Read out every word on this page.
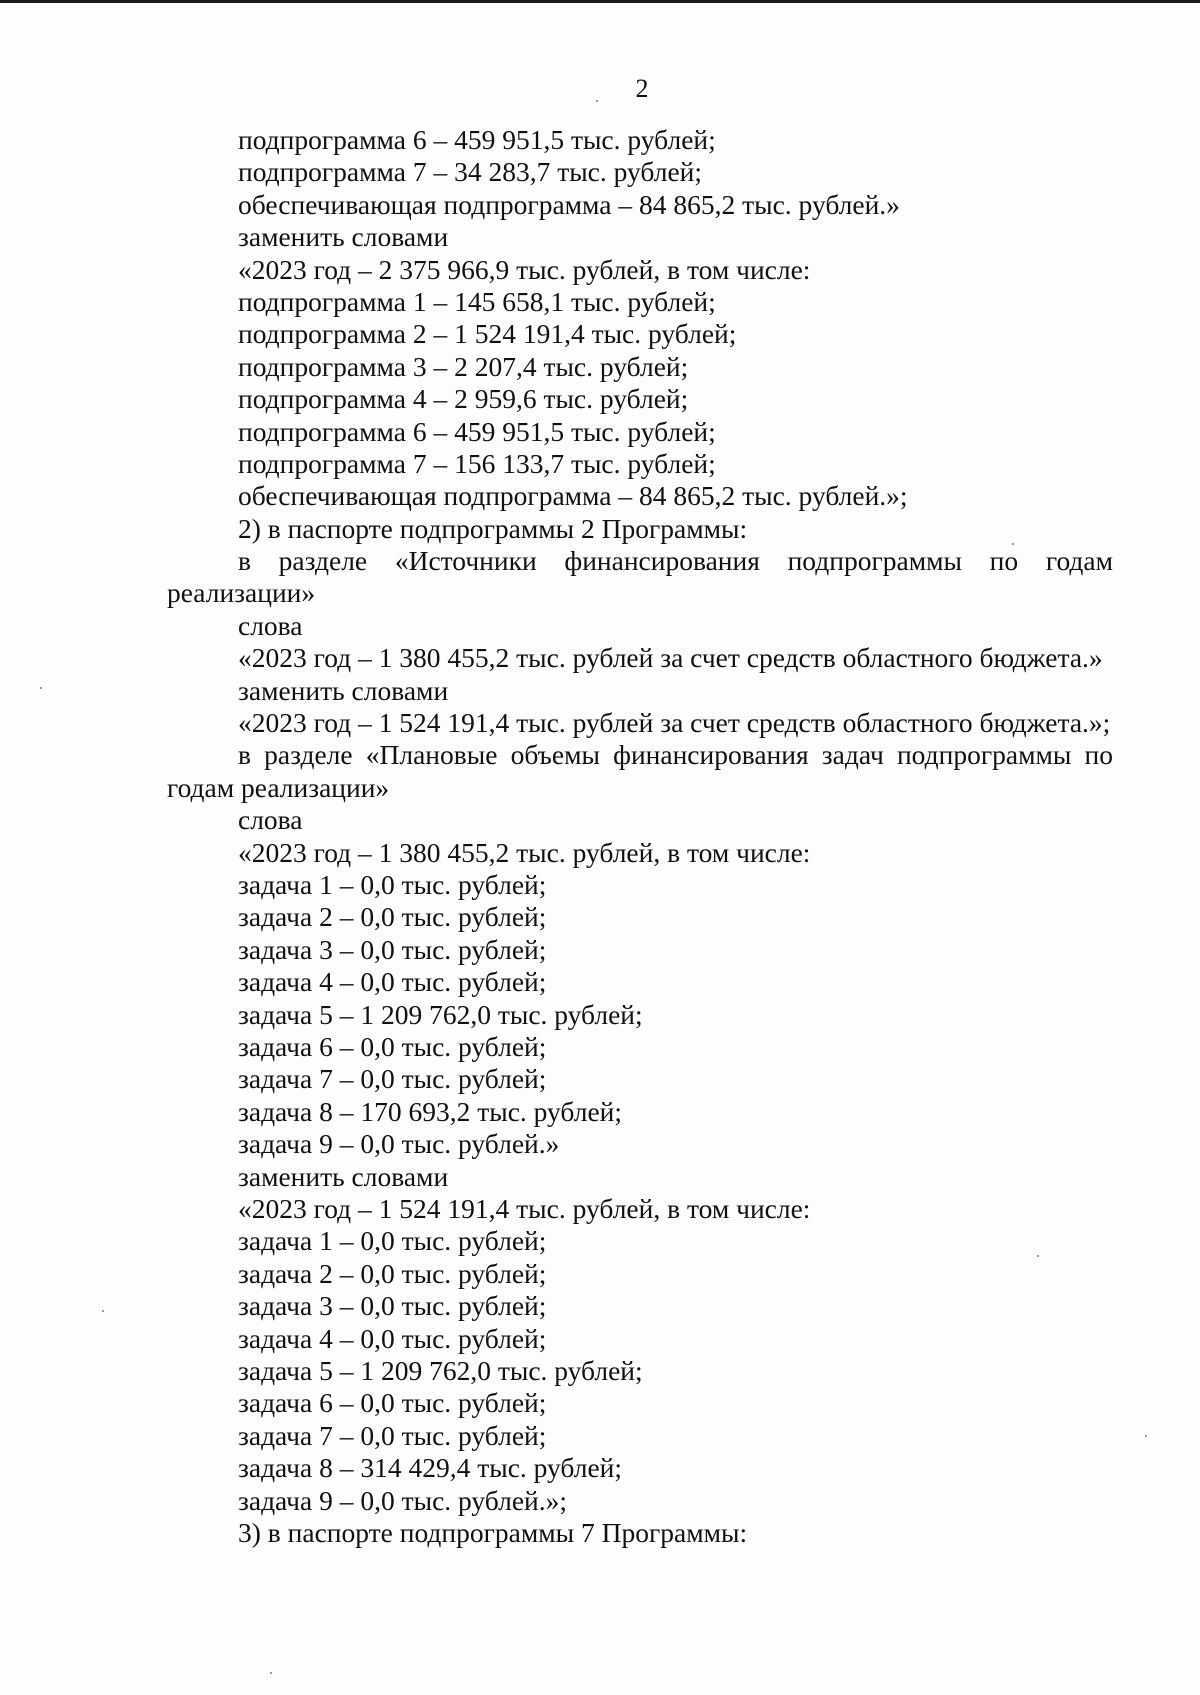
2
подпрограмма 6 – 459 951,5 тыс. рублей;
подпрограмма 7 – 34 283,7 тыс. рублей;
обеспечивающая подпрограмма – 84 865,2 тыс. рублей.»
заменить словами
«2023 год – 2 375 966,9 тыс. рублей, в том числе:
подпрограмма 1 – 145 658,1 тыс. рублей;
подпрограмма 2 – 1 524 191,4 тыс. рублей;
подпрограмма 3 – 2 207,4 тыс. рублей;
подпрограмма 4 – 2 959,6 тыс. рублей;
подпрограмма 6 – 459 951,5 тыс. рублей;
подпрограмма 7 – 156 133,7 тыс. рублей;
обеспечивающая подпрограмма – 84 865,2 тыс. рублей.»;
2) в паспорте подпрограммы 2 Программы:
в разделе «Источники финансирования подпрограммы по годам реализации»
слова
«2023 год – 1 380 455,2 тыс. рублей за счет средств областного бюджета.»
заменить словами
«2023 год – 1 524 191,4 тыс. рублей за счет средств областного бюджета.»;
в разделе «Плановые объемы финансирования задач подпрограммы по годам реализации»
слова
«2023 год – 1 380 455,2 тыс. рублей, в том числе:
задача 1 – 0,0 тыс. рублей;
задача 2 – 0,0 тыс. рублей;
задача 3 – 0,0 тыс. рублей;
задача 4 – 0,0 тыс. рублей;
задача 5 – 1 209 762,0 тыс. рублей;
задача 6 – 0,0 тыс. рублей;
задача 7 – 0,0 тыс. рублей;
задача 8 – 170 693,2 тыс. рублей;
задача 9 – 0,0 тыс. рублей.»
заменить словами
«2023 год – 1 524 191,4 тыс. рублей, в том числе:
задача 1 – 0,0 тыс. рублей;
задача 2 – 0,0 тыс. рублей;
задача 3 – 0,0 тыс. рублей;
задача 4 – 0,0 тыс. рублей;
задача 5 – 1 209 762,0 тыс. рублей;
задача 6 – 0,0 тыс. рублей;
задача 7 – 0,0 тыс. рублей;
задача 8 – 314 429,4 тыс. рублей;
задача 9 – 0,0 тыс. рублей.»;
3) в паспорте подпрограммы 7 Программы:
